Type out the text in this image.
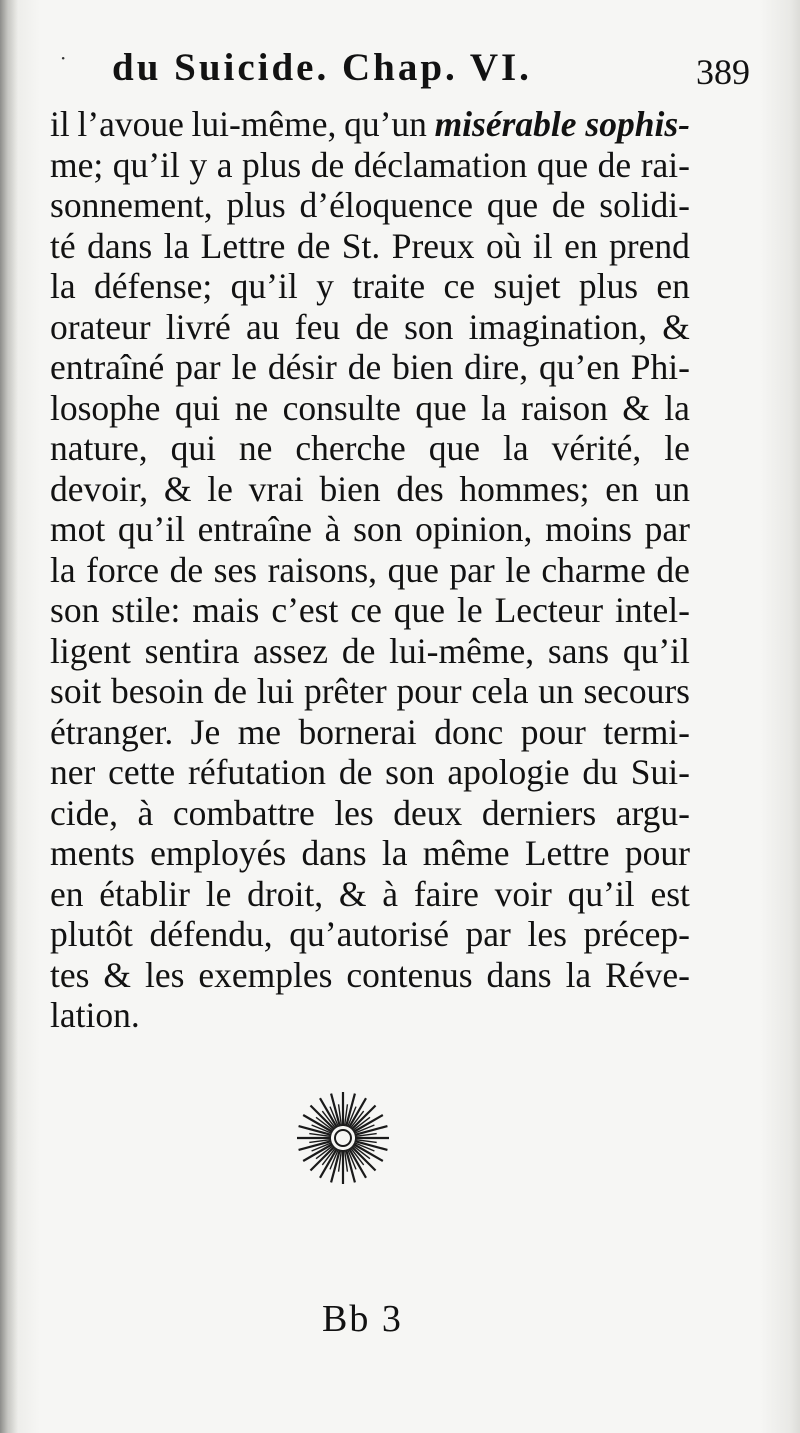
· du Suicide. Chap. VI.	389
il l’avoue lui-même, qu’un misérable sophis-
me; qu’il y a plus de déclamation que de rai-
sonnement, plus d’éloquence que de solidi-
té dans la Lettre de St. Preux où il en prend
la défense; qu’il y traite ce sujet plus en
orateur livré au feu de son imagination, &
entraîné par le désir de bien dire, qu’en Phi-
losophe qui ne consulte que la raison & la
nature, qui ne cherche que la vérité, le
devoir, & le vrai bien des hommes; en un
mot qu’il entraîne à son opinion, moins par
la force de ses raisons, que par le charme de
son stile: mais c’est ce que le Lecteur intel-
ligent sentira assez de lui-même, sans qu’il
soit besoin de lui prêter pour cela un secours
étranger. Je me bornerai donc pour termi-
ner cette réfutation de son apologie du Sui-
cide, à combattre les deux derniers argu-
ments employés dans la même Lettre pour
en établir le droit, & à faire voir qu’il est
plutôt défendu, qu’autorisé par les précep-
tes & les exemples contenus dans la Réve-
lation.
Bb 3
